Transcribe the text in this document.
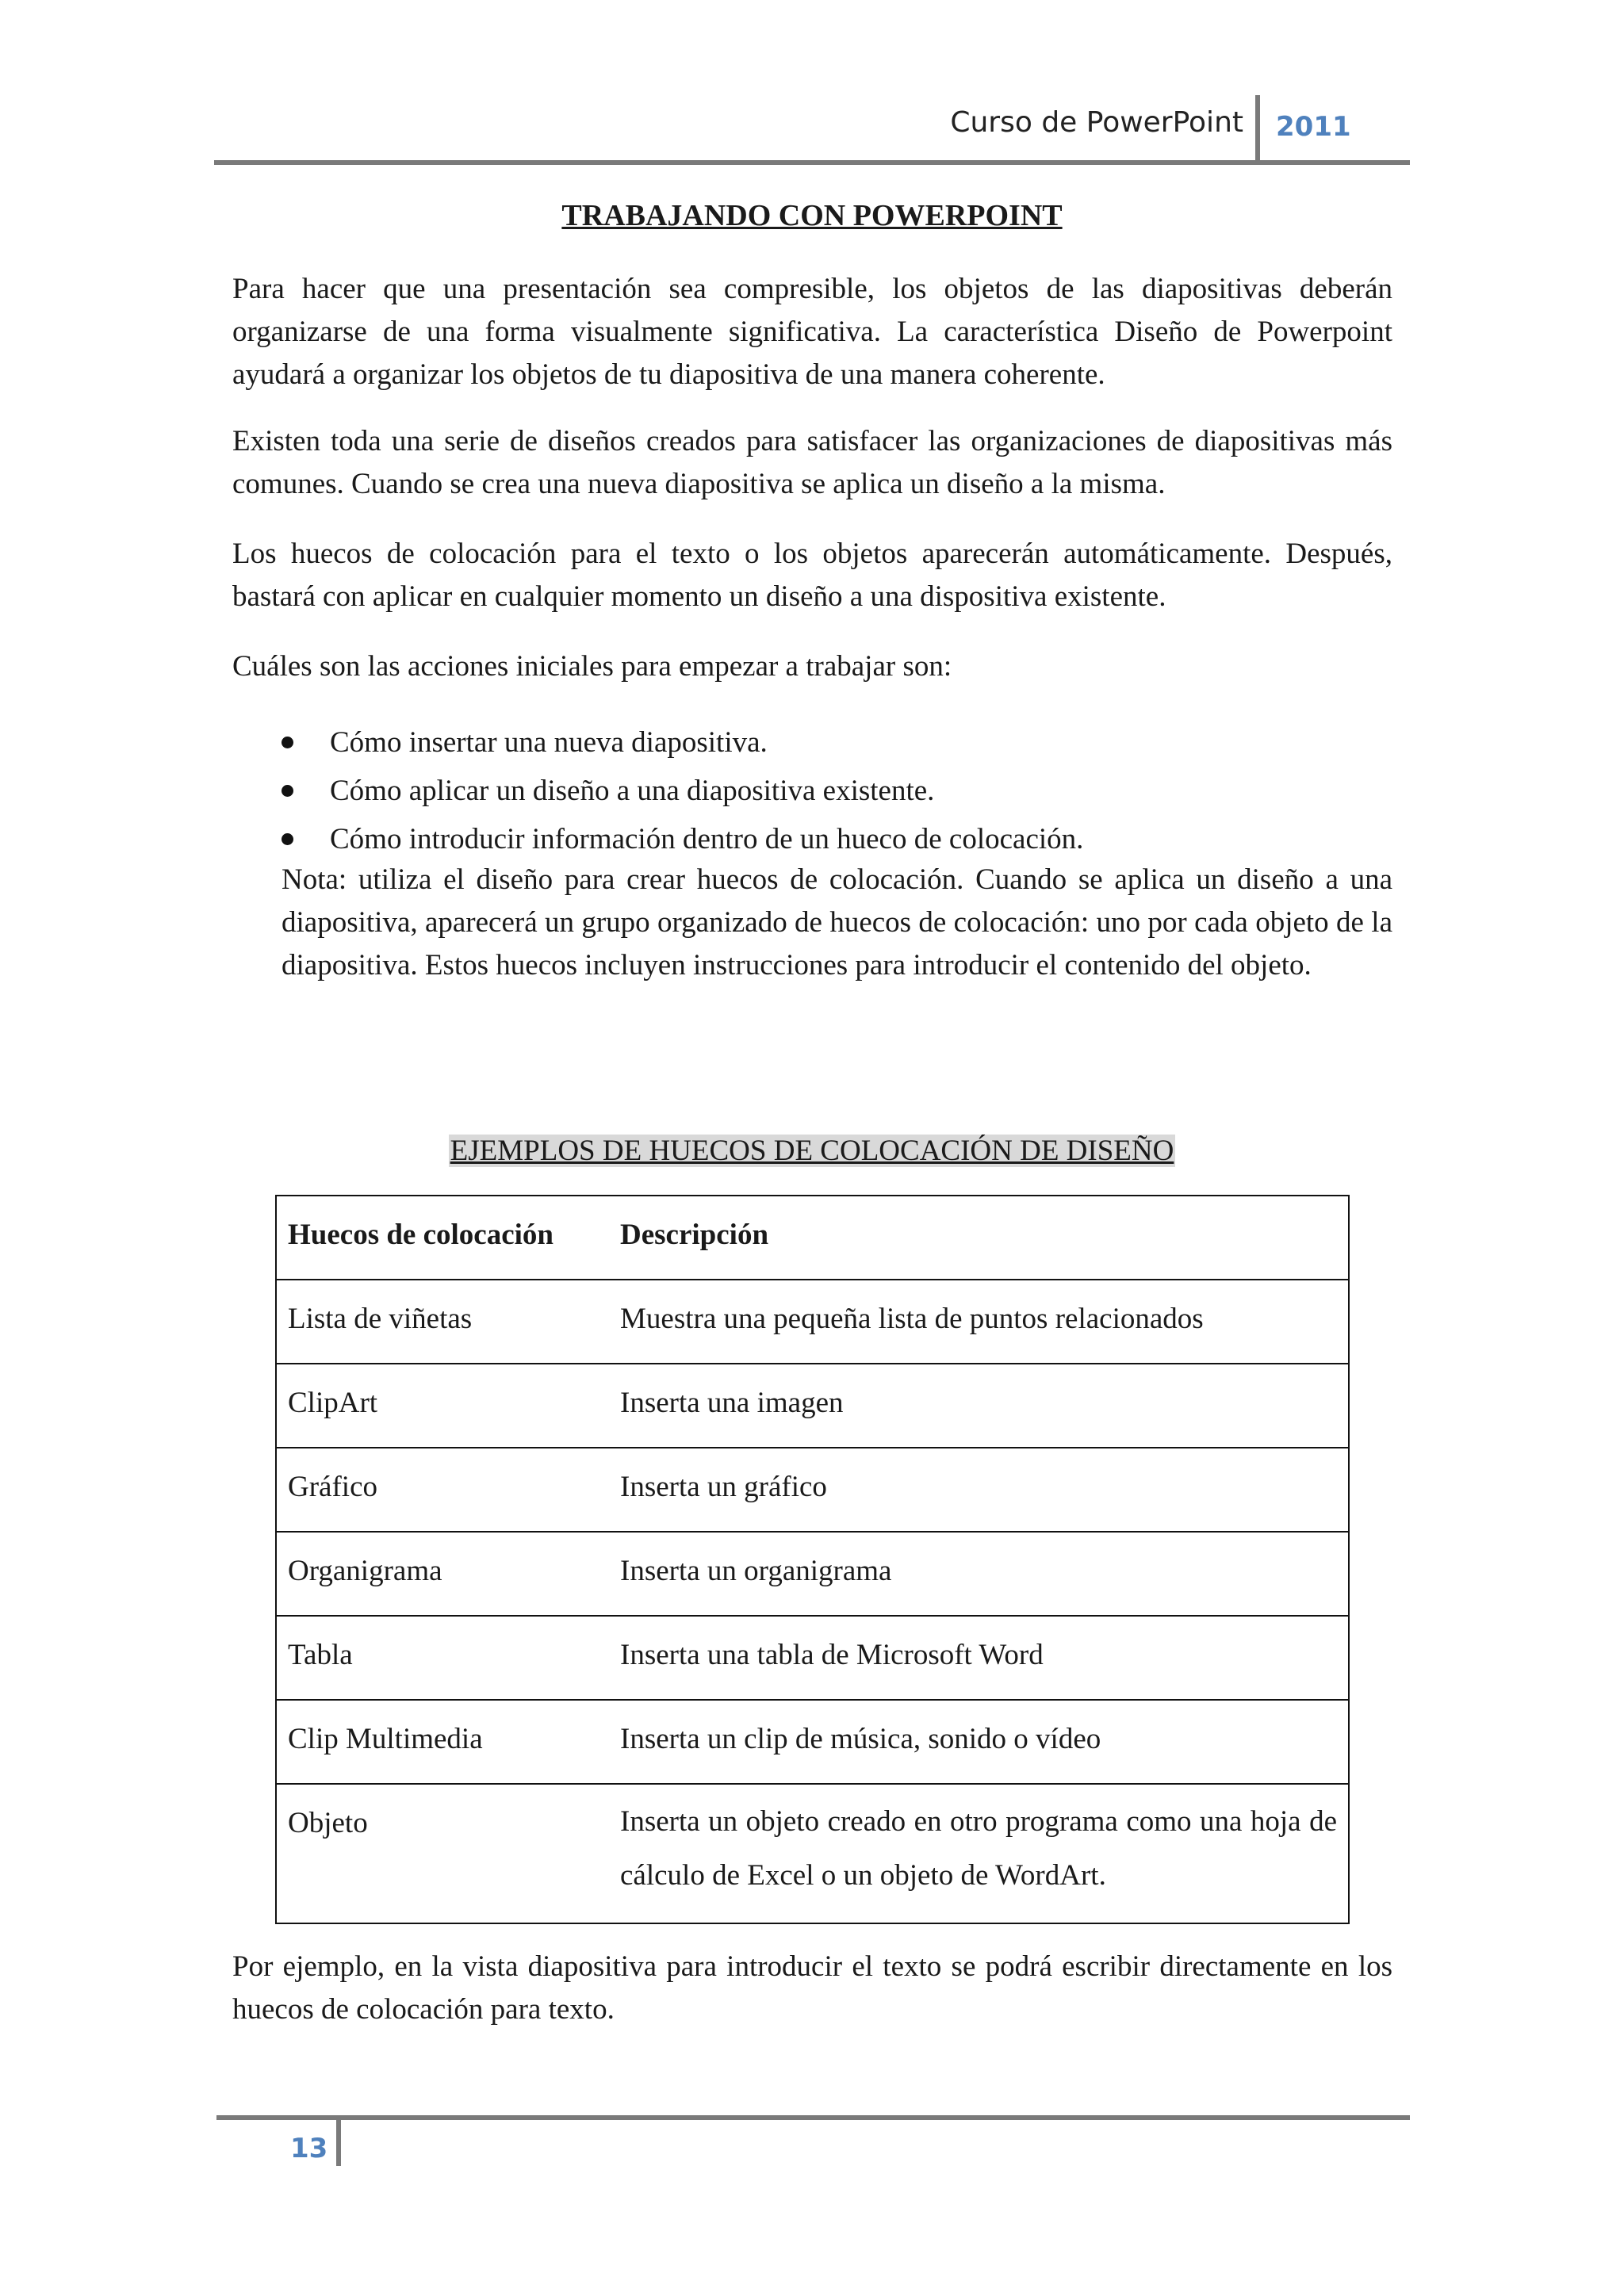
Curso de PowerPoint 2011
TRABAJANDO CON POWERPOINT

Para hacer que una presentación sea compresible, los objetos de las diapositivas deberán organizarse de una forma visualmente significativa. La característica Diseño de Powerpoint ayudará a organizar los objetos de tu diapositiva de una manera coherente.

Existen toda una serie de diseños creados para satisfacer las organizaciones de diapositivas más comunes. Cuando se crea una nueva diapositiva se aplica un diseño a la misma.

Los huecos de colocación para el texto o los objetos aparecerán automáticamente. Después, bastará con aplicar en cualquier momento un diseño a una dispositiva existente.

Cuáles son las acciones iniciales para empezar a trabajar son:

Cómo insertar una nueva diapositiva.
Cómo aplicar un diseño a una diapositiva existente.
Cómo introducir información dentro de un hueco de colocación.

Nota: utiliza el diseño para crear huecos de colocación. Cuando se aplica un diseño a una diapositiva, aparecerá un grupo organizado de huecos de colocación: uno por cada objeto de la diapositiva. Estos huecos incluyen instrucciones para introducir el contenido del objeto.

EJEMPLOS DE HUECOS DE COLOCACIÓN DE DISEÑO
Huecos de colocación	Descripción
Lista de viñetas	Muestra una pequeña lista de puntos relacionados
ClipArt	Inserta una imagen
Gráfico	Inserta un gráfico
Organigrama	Inserta un organigrama
Tabla	Inserta una tabla de Microsoft Word
Clip Multimedia	Inserta un clip de música, sonido o vídeo
Objeto	Inserta un objeto creado en otro programa como una hoja de cálculo de Excel o un objeto de WordArt.

Por ejemplo, en la vista diapositiva para introducir el texto se podrá escribir directamente en los huecos de colocación para texto.

13
